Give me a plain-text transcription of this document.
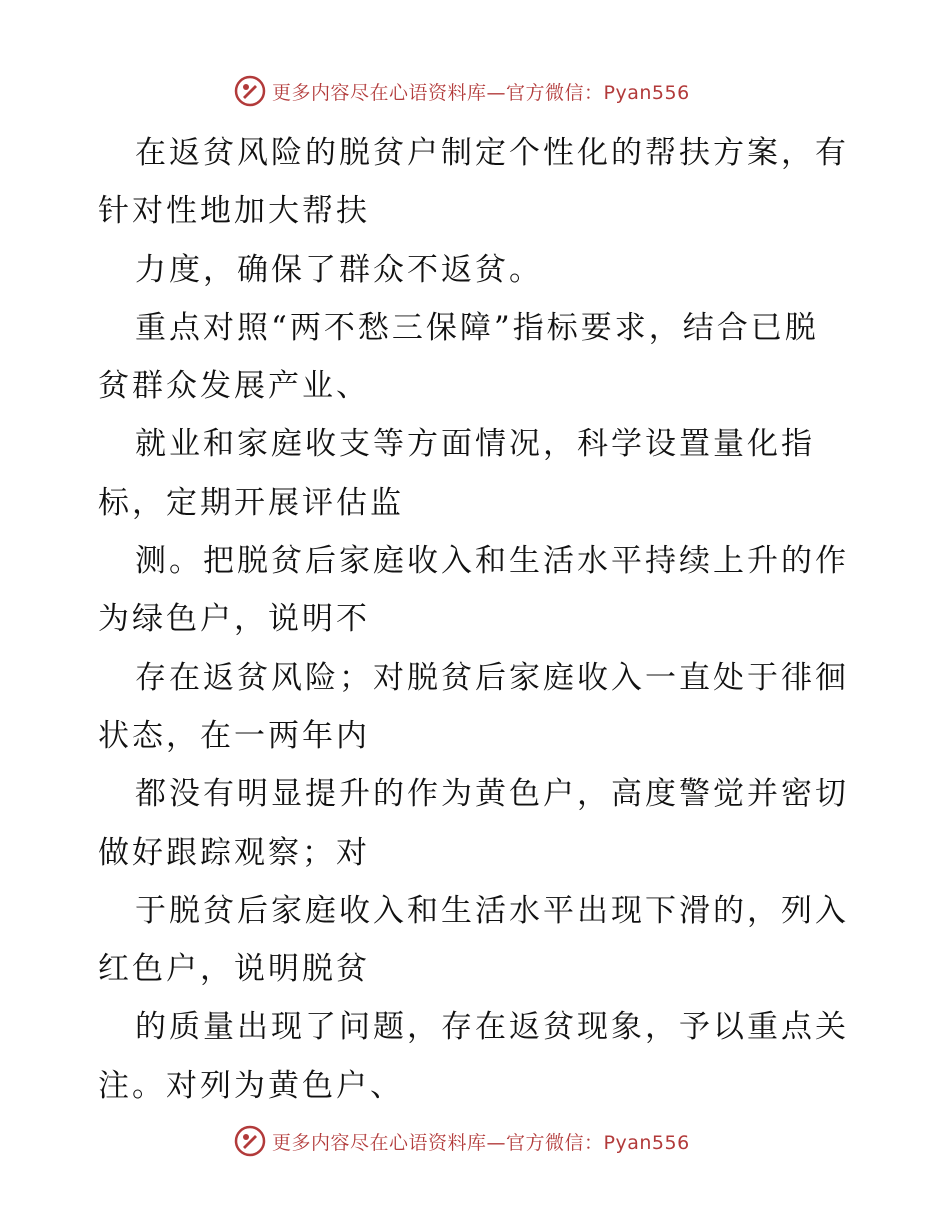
更多内容尽在心语资料库—官方微信：Pyan556
在返贫风险的脱贫户制定个性化的帮扶方案，有
针对性地加大帮扶
力度，确保了群众不返贫。
重点对照“两不愁三保障”指标要求，结合已脱
贫群众发展产业、
就业和家庭收支等方面情况，科学设置量化指
标，定期开展评估监
测。把脱贫后家庭收入和生活水平持续上升的作
为绿色户，说明不
存在返贫风险；对脱贫后家庭收入一直处于徘徊
状态，在一两年内
都没有明显提升的作为黄色户，高度警觉并密切
做好跟踪观察；对
于脱贫后家庭收入和生活水平出现下滑的，列入
红色户，说明脱贫
的质量出现了问题，存在返贫现象，予以重点关
注。对列为黄色户、
更多内容尽在心语资料库—官方微信：Pyan556
